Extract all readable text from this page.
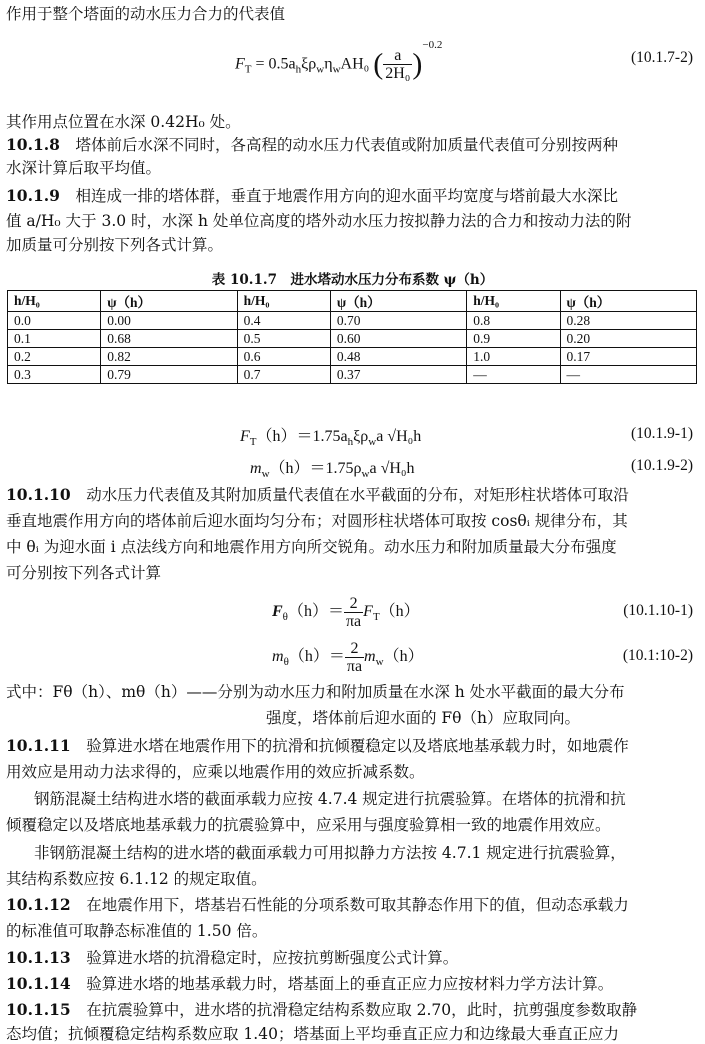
作用于整个塔面的动水压力合力的代表值
$F_T = 0.5a_h\xi\rho_w\eta_wAH_0$ ( $\frac{a}{\text{2H₀}} )^{-0.2}$
(10.1.7-2)
其作用点位置在水深 0.42H₀ 处。
10.1.8　塔体前后水深不同时，各高程的动水压力代表值或附加质量代表值可分别按两种
水深计算后取平均值。
10.1.9　相连成一排的塔体群，垂直于地震作用方向的迎水面平均宽度与塔前最大水深比
值 a/H₀ 大于 3.0 时，水深 h 处单位高度的塔外动水压力按拟静力法的合力和按动力法的附
加质量可分别按下列各式计算。
表 10.1.7　进水塔动水压力分布系数 ψ（h）
h/H₀	ψ（h）	h/H₀	ψ（h）	h/H₀	ψ（h）
0.0	0.00	0.4	0.70	0.8	0.28
0.1	0.68	0.5	0.60	0.9	0.20
0.2	0.82	0.6	0.48	1.0	0.17
0.3	0.79	0.7	0.37	—	—
$F_T(h)=1.75a_h\xi\rho_wa$ √H₀h	(10.1.9-1)
$m_w(h)=1.75\rho_wa$ √H₀h	(10.1.9-2)
10.1.10　动水压力代表值及其附加质量代表值在水平截面的分布，对矩形柱状塔体可取沿
垂直地震作用方向的塔体前后迎水面均匀分布；对圆形柱状塔体可取按 cosθᵢ 规律分布，其
中 θᵢ 为迎水面 i 点法线方向和地震作用方向所交锐角。动水压力和附加质量最大分布强度
可分别按下列各式计算
$F_\theta(h)= \frac{2}{\pi a} F_T(h)$	(10.1.10-1)
$m_\theta(h)= \frac{2}{\pi a} m_w(h)$	(10.1:10-2)
式中：Fθ（h）、mθ（h）——分别为动水压力和附加质量在水深 h 处水平截面的最大分布
强度，塔体前后迎水面的 Fθ（h）应取同向。
10.1.11　验算进水塔在地震作用下的抗滑和抗倾覆稳定以及塔底地基承载力时，如地震作
用效应是用动力法求得的，应乘以地震作用的效应折减系数。
钢筋混凝土结构进水塔的截面承载力应按 4.7.4 规定进行抗震验算。在塔体的抗滑和抗
倾覆稳定以及塔底地基承载力的抗震验算中，应采用与强度验算相一致的地震作用效应。
非钢筋混凝土结构的进水塔的截面承载力可用拟静力方法按 4.7.1 规定进行抗震验算，
其结构系数应按 6.1.12 的规定取值。
10.1.12　在地震作用下，塔基岩石性能的分项系数可取其静态作用下的值，但动态承载力
的标准值可取静态标准值的 1.50 倍。
10.1.13　验算进水塔的抗滑稳定时，应按抗剪断强度公式计算。
10.1.14　验算进水塔的地基承载力时，塔基面上的垂直正应力应按材料力学方法计算。
10.1.15　在抗震验算中，进水塔的抗滑稳定结构系数应取 2.70，此时，抗剪强度参数取静
态均值；抗倾覆稳定结构系数应取 1.40；塔基面上平均垂直正应力和边缘最大垂直正应力
